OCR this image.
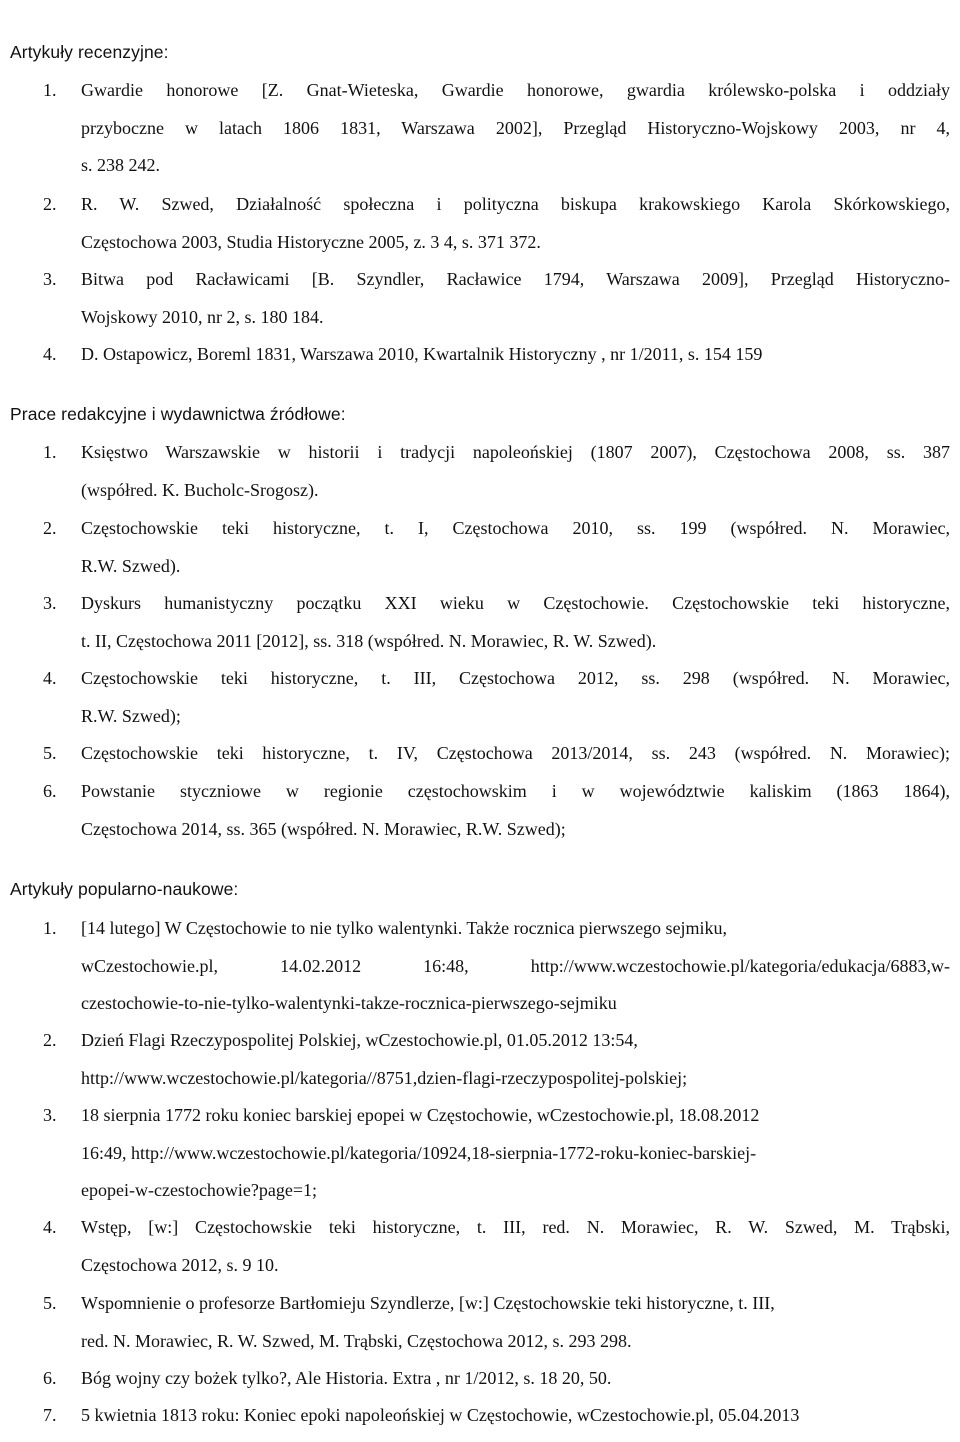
Artykuły recenzyjne:
1. Gwardie honorowe [Z. Gnat-Wieteska, Gwardie honorowe, gwardia królewsko-polska i oddziały
przyboczne w latach 1806 1831, Warszawa 2002], Przegląd Historyczno-Wojskowy 2003, nr 4,
s. 238 242.
2. R. W. Szwed, Działalność społeczna i polityczna biskupa krakowskiego Karola Skórkowskiego,
Częstochowa 2003, Studia Historyczne 2005, z. 3 4, s. 371 372.
3. Bitwa pod Racławicami [B. Szyndler, Racławice 1794, Warszawa 2009], Przegląd Historyczno-
Wojskowy 2010, nr 2, s. 180 184.
4. D. Ostapowicz, Boreml 1831, Warszawa 2010, Kwartalnik Historyczny , nr 1/2011, s. 154 159
Prace redakcyjne i wydawnictwa źródłowe:
1. Księstwo Warszawskie w historii i tradycji napoleońskiej (1807 2007), Częstochowa 2008, ss. 387
(współred. K. Bucholc-Srogosz).
2. Częstochowskie teki historyczne, t. I, Częstochowa 2010, ss. 199 (współred. N. Morawiec,
R.W. Szwed).
3. Dyskurs humanistyczny początku XXI wieku w Częstochowie. Częstochowskie teki historyczne,
t. II, Częstochowa 2011 [2012], ss. 318 (współred. N. Morawiec, R. W. Szwed).
4. Częstochowskie teki historyczne, t. III, Częstochowa 2012, ss. 298 (współred. N. Morawiec,
R.W. Szwed);
5. Częstochowskie teki historyczne, t. IV, Częstochowa 2013/2014, ss. 243 (współred. N. Morawiec);
6. Powstanie styczniowe w regionie częstochowskim i w województwie kaliskim (1863 1864),
Częstochowa 2014, ss. 365 (współred. N. Morawiec, R.W. Szwed);
Artykuły popularno-naukowe:
1. [14 lutego] W Częstochowie to nie tylko walentynki. Także rocznica pierwszego sejmiku,
wCzestochowie.pl, 14.02.2012 16:48, http://www.wczestochowie.pl/kategoria/edukacja/6883,w-
czestochowie-to-nie-tylko-walentynki-takze-rocznica-pierwszego-sejmiku
2. Dzień Flagi Rzeczypospolitej Polskiej, wCzestochowie.pl, 01.05.2012 13:54,
http://www.wczestochowie.pl/kategoria//8751,dzien-flagi-rzeczypospolitej-polskiej;
3. 18 sierpnia 1772 roku koniec barskiej epopei w Częstochowie, wCzestochowie.pl, 18.08.2012
16:49, http://www.wczestochowie.pl/kategoria/10924,18-sierpnia-1772-roku-koniec-barskiej-
epopei-w-czestochowie?page=1;
4. Wstęp, [w:] Częstochowskie teki historyczne, t. III, red. N. Morawiec, R. W. Szwed, M. Trąbski,
Częstochowa 2012, s. 9 10.
5. Wspomnienie o profesorze Bartłomieju Szyndlerze, [w:] Częstochowskie teki historyczne, t. III,
red. N. Morawiec, R. W. Szwed, M. Trąbski, Częstochowa 2012, s. 293 298.
6. Bóg wojny czy bożek tylko?, Ale Historia. Extra , nr 1/2012, s. 18 20, 50.
7. 5 kwietnia 1813 roku: Koniec epoki napoleońskiej w Częstochowie, wCzestochowie.pl, 05.04.2013
